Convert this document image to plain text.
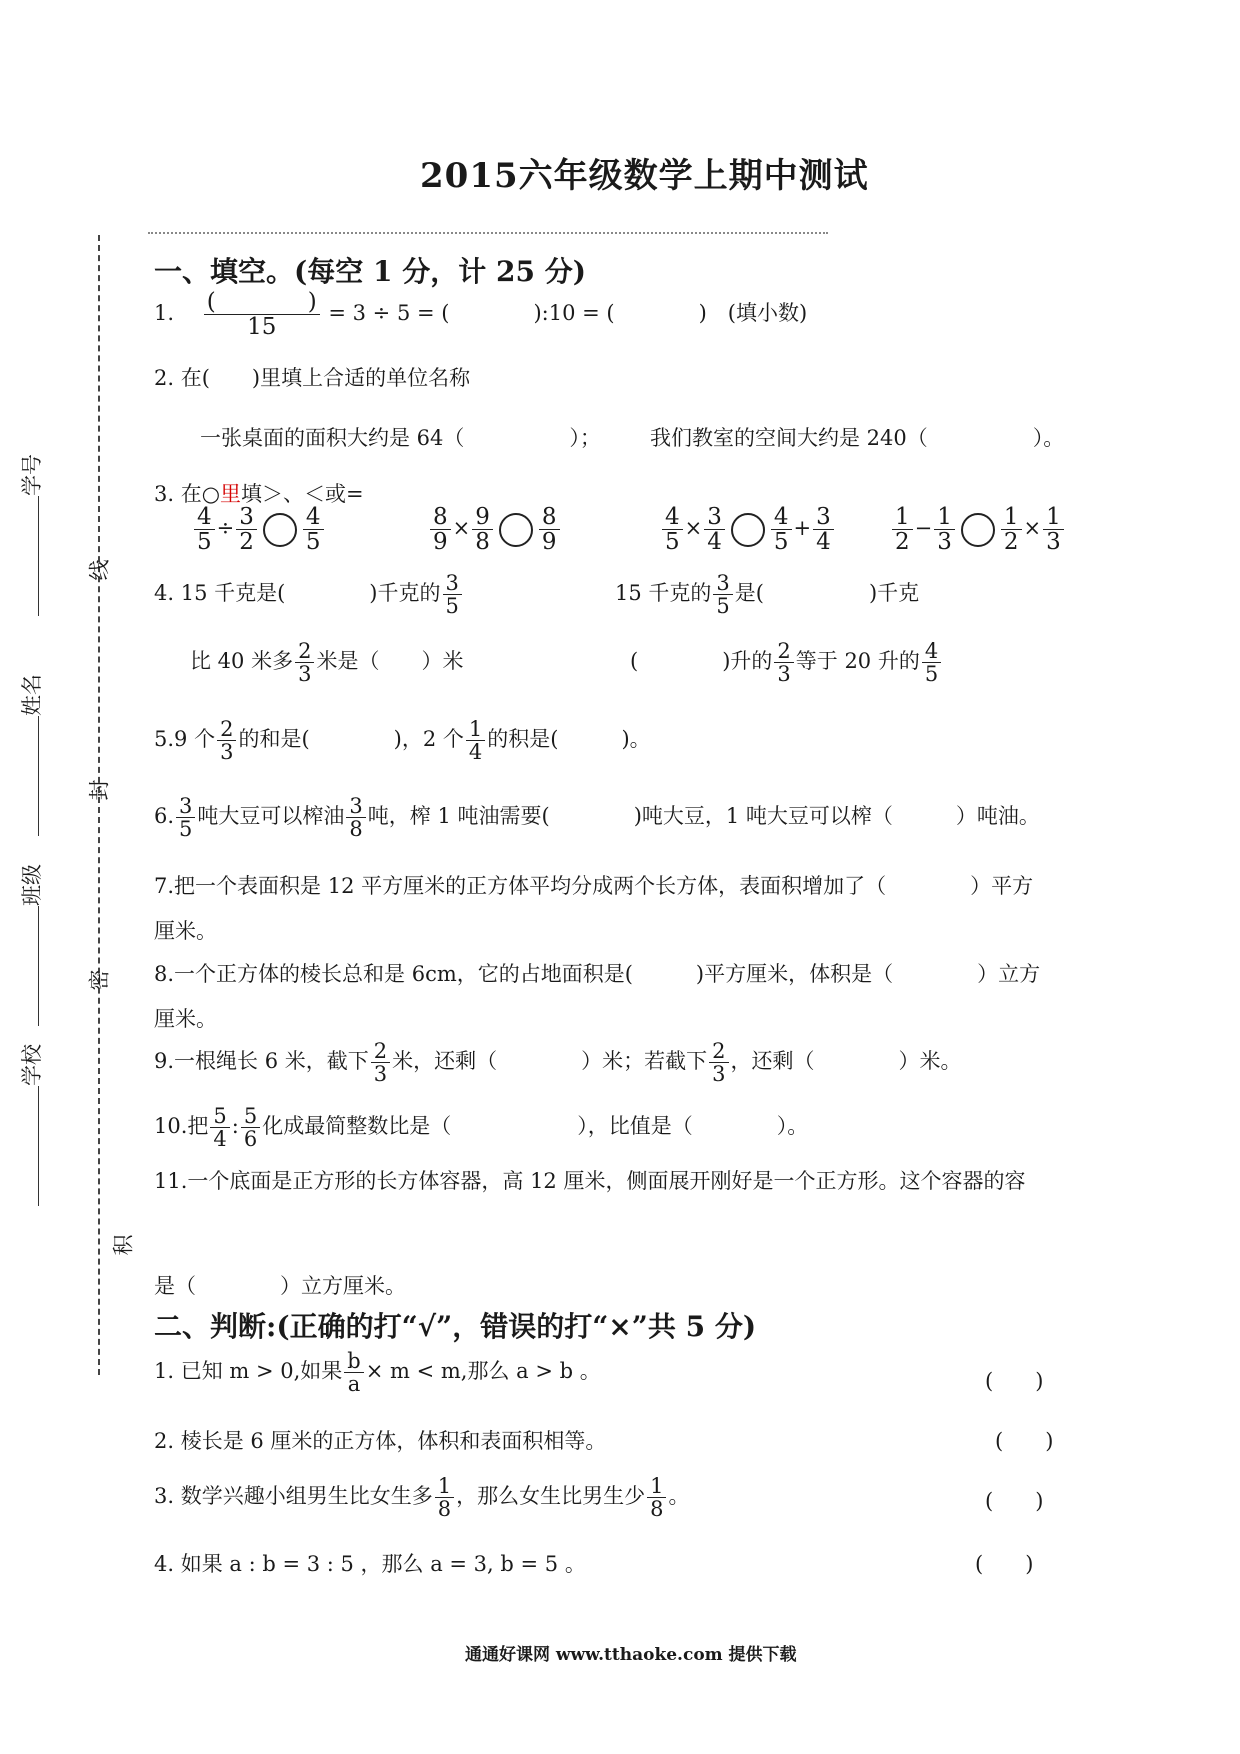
2015六年级数学上期中测试
线
封
密
积
学号
姓名
班级
学校
一、填空。(每空 1 分，计 25 分)
1.　 $\frac{( )}{15} = 3 \div 5$ = (　　　　):10 = (　　　　)　(填小数)
2. 在(　　)里填上合适的单位名称
一张桌面的面积大约是 64（　　　　　）； 我们教室的空间大约是 240（　　　　　）。
3. 在○里填＞、＜或=
$\frac{4}{5} \div \frac{3}{2} \frac{4}{5}$	$\frac{8}{9} \times \frac{9}{8} \frac{8}{9}$	$\frac{4}{5} \times \frac{3}{4} \frac{4}{5} + \frac{3}{4}$	$\frac{1}{2} - \frac{1}{3} \frac{1}{2} \times \frac{1}{3}$
4. 15 千克是(　　　　)千克的 $\frac{3}{5}$	15 千克的 $\frac{3}{5}$ 是(　　　　　)千克
比 40 米多 $\frac{2}{3}$ 米是（　　）米	(　　　　)升的 $\frac{2}{3}$ 等于 20 升的 $\frac{4}{5}$
5.9 个 $\frac{2}{3}$ 的和是(　　　　)，2 个 $\frac{1}{4}$ 的积是(　　　)。
6. $\frac{3}{5}$ 吨大豆可以榨油 $\frac{3}{8}$ 吨，榨 1 吨油需要(　　　　)吨大豆，1 吨大豆可以榨（　　　）吨油。
7.把一个表面积是 12 平方厘米的正方体平均分成两个长方体，表面积增加了（　　　　）平方
厘米。
8.一个正方体的棱长总和是 6cm，它的占地面积是(　　　)平方厘米，体积是（　　　　）立方
厘米。
9.一根绳长 6 米，截下 $\frac{2}{3}$ 米，还剩（　　　　）米；若截下 $\frac{2}{3}$ ，还剩（　　　　）米。
10.把 $\frac{5}{4}$ : $\frac{5}{6}$ 化成最简整数比是（　　　　　　），比值是（　　　　）。
11.一个底面是正方形的长方体容器，高 12 厘米，侧面展开刚好是一个正方形。这个容器的容
是（　　　　）立方厘米。
二、判断:(正确的打“√”，错误的打“×”共 5 分)
1. 已知 m > 0,如果 $\frac{b}{a} \times m < m$,那么 a > b 。	(　　)
2. 棱长是 6 厘米的正方体，体积和表面积相等。	(　　)
3. 数学兴趣小组男生比女生多 $\frac{1}{8}$ ，那么女生比男生少 $\frac{1}{8}$ 。	(　　)
4. 如果 a : b = 3 : 5 ，那么 a = 3, b = 5 。	(　　)
通通好课网 www.tthaoke.com 提供下载
